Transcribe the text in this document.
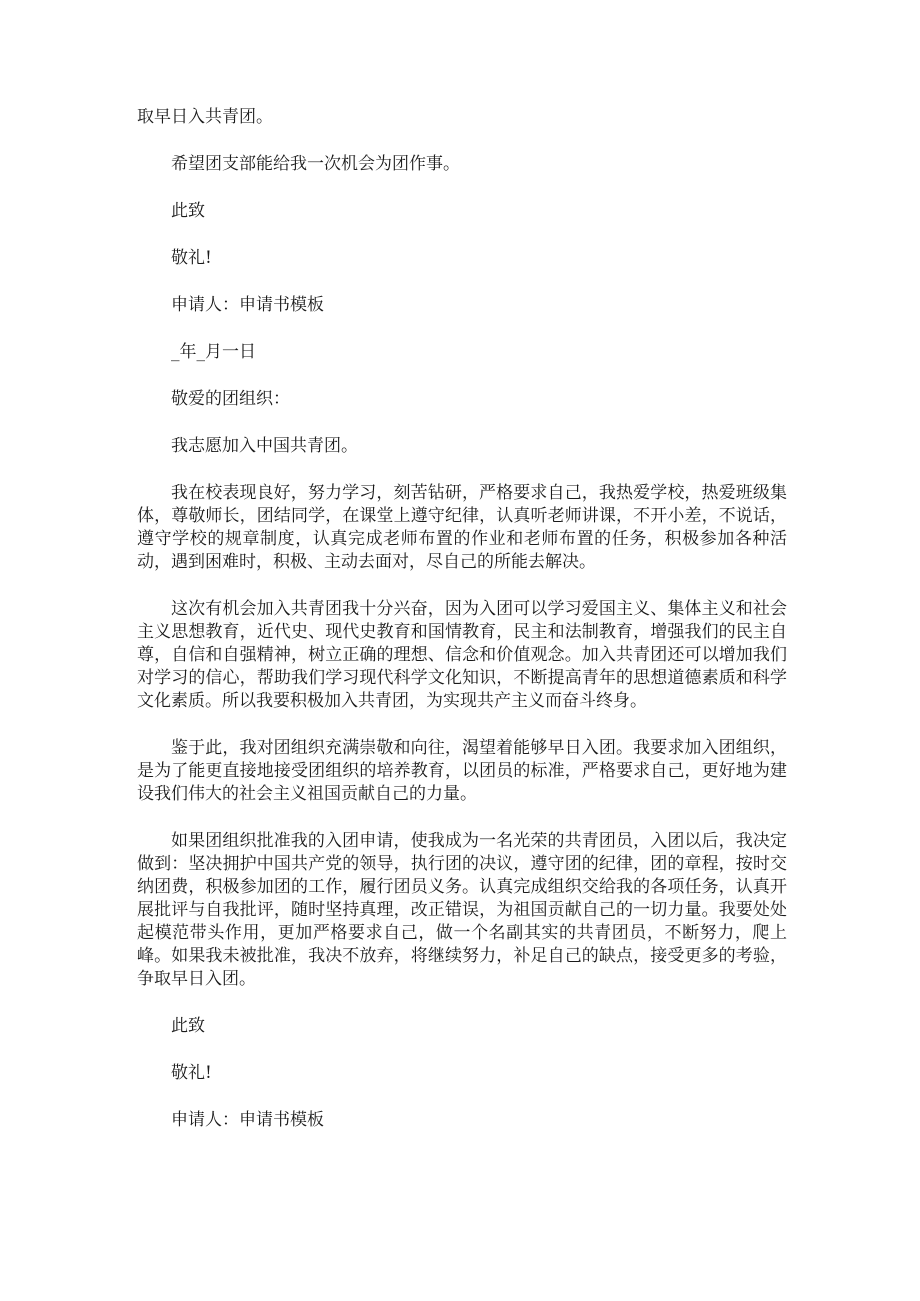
取早日入共青团。

希望团支部能给我一次机会为团作事。

此致

敬礼!

申请人：申请书模板

_年_月一日

敬爱的团组织：

我志愿加入中国共青团。

我在校表现良好，努力学习，刻苦钻研，严格要求自己，我热爱学校，热爱班级集体，尊敬师长，团结同学，在课堂上遵守纪律，认真听老师讲课，不开小差，不说话，遵守学校的规章制度，认真完成老师布置的作业和老师布置的任务，积极参加各种活动，遇到困难时，积极、主动去面对，尽自己的所能去解决。

这次有机会加入共青团我十分兴奋，因为入团可以学习爱国主义、集体主义和社会主义思想教育，近代史、现代史教育和国情教育，民主和法制教育，增强我们的民主自尊，自信和自强精神，树立正确的理想、信念和价值观念。加入共青团还可以增加我们对学习的信心，帮助我们学习现代科学文化知识，不断提高青年的思想道德素质和科学文化素质。所以我要积极加入共青团，为实现共产主义而奋斗终身。

鉴于此，我对团组织充满崇敬和向往，渴望着能够早日入团。我要求加入团组织，是为了能更直接地接受团组织的培养教育，以团员的标准，严格要求自己，更好地为建设我们伟大的社会主义祖国贡献自己的力量。

如果团组织批准我的入团申请，使我成为一名光荣的共青团员，入团以后，我决定做到：坚决拥护中国共产党的领导，执行团的决议，遵守团的纪律，团的章程，按时交纳团费，积极参加团的工作，履行团员义务。认真完成组织交给我的各项任务，认真开展批评与自我批评，随时坚持真理，改正错误，为祖国贡献自己的一切力量。我要处处起模范带头作用，更加严格要求自己，做一个名副其实的共青团员，不断努力，爬上峰。如果我未被批准，我决不放弃，将继续努力，补足自己的缺点，接受更多的考验，争取早日入团。

此致

敬礼!

申请人：申请书模板
